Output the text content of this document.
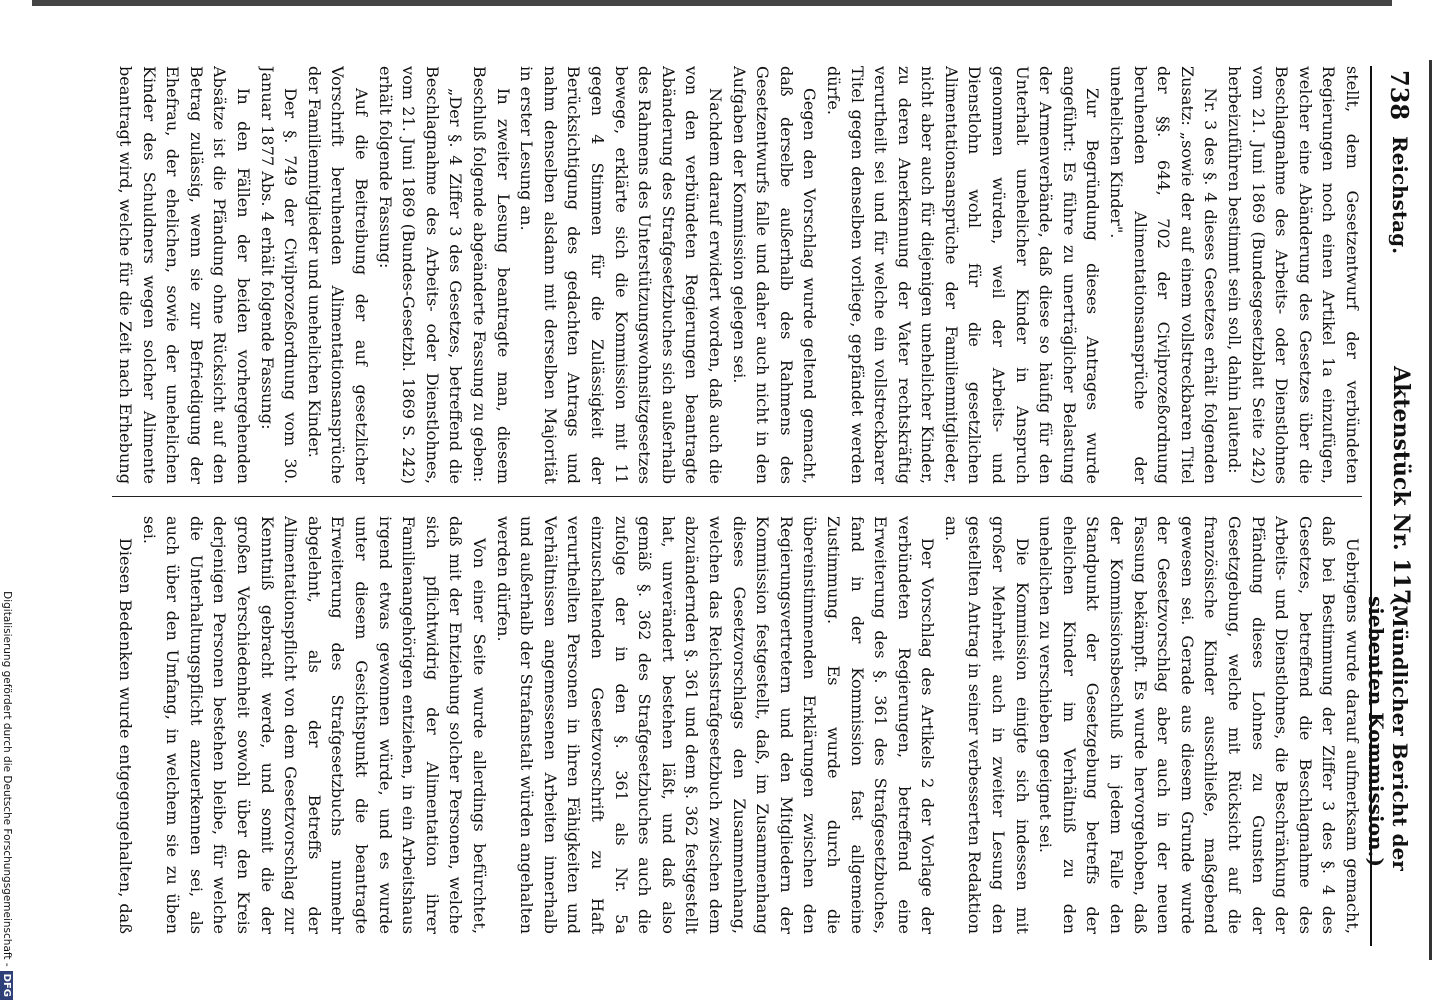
738
Reichstag.
Aktenstück Nr. 117.
(Mündlicher Bericht der siebenten Kommission.)

stellt, dem Gesetzentwurf der verbündeten Regierungen noch einen Artikel 1a einzufügen, welcher eine Abänderung des Gesetzes über die Beschlagnahme des Arbeits- oder Dienstlohnes vom 21. Juni 1869 (Bundesgesetzblatt Seite 242) herbeizuführen bestimmt sein soll, dahin lautend:

Nr. 3 des §. 4 dieses Gesetzes erhält folgenden Zusatz: „sowie der auf einem vollstreckbaren Titel der §§. 644, 702 der Civilprozeßordnung beruhenden Alimentationsansprüche der unehelichen Kinder".

Zur Begründung dieses Antrages wurde angeführt: Es führe zu unerträglicher Belastung der Armenverbände, daß diese so häufig für den Unterhalt unehelicher Kinder in Anspruch genommen würden, weil der Arbeits- und Dienstlohn wohl für die gesetzlichen Alimentationsansprüche der Familienmitglieder, nicht aber auch für diejenigen unehelicher Kinder, zu deren Anerkennung der Vater rechtskräftig verurtheilt sei und für welche ein vollstreckbarer Titel gegen denselben vorliege, gepfändet werden dürfe.

Gegen den Vorschlag wurde geltend gemacht, daß derselbe außerhalb des Rahmens des Gesetzentwurfs falle und daher auch nicht in den Aufgaben der Kommission gelegen sei.

Nachdem darauf erwidert worden, daß auch die von den verbündeten Regierungen beantragte Abänderung des Strafgesetzbuches sich außerhalb des Rahmens des Unterstützungswohnsitzgesetzes bewege, erklärte sich die Kommission mit 11 gegen 4 Stimmen für die Zulässigkeit der Berücksichtigung des gedachten Antrags und nahm denselben alsdann mit derselben Majorität in erster Lesung an.

In zweiter Lesung beantragte man, diesem Beschluß folgende abgeänderte Fassung zu geben:

„Der §. 4 Ziffer 3 des Gesetzes, betreffend die Beschlagnahme des Arbeits- oder Dienstlohnes, vom 21. Juni 1869 (Bundes-Gesetzbl. 1869 S. 242) erhält folgende Fassung:

Auf die Beitreibung der auf gesetzlicher Vorschrift beruhenden Alimentationsansprüche der Familienmitglieder und unehelichen Kinder.

Der §. 749 der Civilprozeßordnung vom 30. Januar 1877 Abs. 4 erhält folgende Fassung:

In den Fällen der beiden vorhergehenden Absätze ist die Pfändung ohne Rücksicht auf den Betrag zulässig, wenn sie zur Befriedigung der Ehefrau, der ehelichen, sowie der unehelichen Kinder des Schuldners wegen solcher Alimente beantragt wird, welche für die Zeit nach Erhebung

Uebrigens wurde darauf aufmerksam gemacht, daß bei Bestimmung der Ziffer 3 des §. 4 des Gesetzes, betreffend die Beschlagnahme des Arbeits- und Dienstlohnes, die Beschränkung der Pfändung dieses Lohnes zu Gunsten der Gesetzgebung, welche mit Rücksicht auf die französische Kinder ausschließe, maßgebend gewesen sei. Gerade aus diesem Grunde wurde der Gesetzvorschlag aber auch in der neuen Fassung bekämpft. Es wurde hervorgehoben, daß der Kommissionsbeschluß in jedem Falle den Standpunkt der Gesetzgebung betreffs der ehelichen Kinder im Verhältniß zu den unehelichen zu verschieben geeignet sei.

Die Kommission einigte sich indessen mit großer Mehrheit auch in zweiter Lesung den gestellten Antrag in seiner verbesserten Redaktion an.

Der Vorschlag des Artikels 2 der Vorlage der verbündeten Regierungen, betreffend eine Erweiterung des §. 361 des Strafgesetzbuches, fand in der Kommission fast allgemeine Zustimmung. Es wurde durch die übereinstimmenden Erklärungen zwischen den Regierungsvertretern und den Mitgliedern der Kommission festgestellt, daß, im Zusammenhang dieses Gesetzvorschlags den Zusammenhang, welchen das Reichsstrafgesetzbuch zwischen dem abzuändernden §. 361 und dem §. 362 festgestellt hat, unverändert bestehen läßt, und daß also gemäß §. 362 des Strafgesetzbuches auch die zufolge der in den §. 361 als Nr. 5a einzuschaltenden Gesetzvorschrift zu Haft verurtheilten Personen in ihren Fähigkeiten und Verhältnissen angemessenen Arbeiten innerhalb und außerhalb der Strafanstalt würden angehalten werden dürfen.

Von einer Seite wurde allerdings befürchtet, daß mit der Entziehung solcher Personen, welche sich pflichtwidrig der Alimentation ihrer Familienangehörigen entziehen, in ein Arbeitshaus irgend etwas gewonnen würde, und es wurde unter diesem Gesichtspunkt die beantragte Erweiterung des Strafgesetzbuchs nunmehr abgelehnt, als der Betreffs der Alimentationspflicht von dem Gesetzvorschlag zur Kenntniß gebracht werde, und somit die der großen Verschiedenheit sowohl über den Kreis derjenigen Personen bestehen bleibe, für welche die Unterhaltungspflicht anzuerkennen sei, als auch über den Umfang, in welchem sie zu üben sei.

Diesen Bedenken wurde entgegengehalten, daß

Digitalisierung gefördert durch die Deutsche Forschungsgemeinschaft -DFG
